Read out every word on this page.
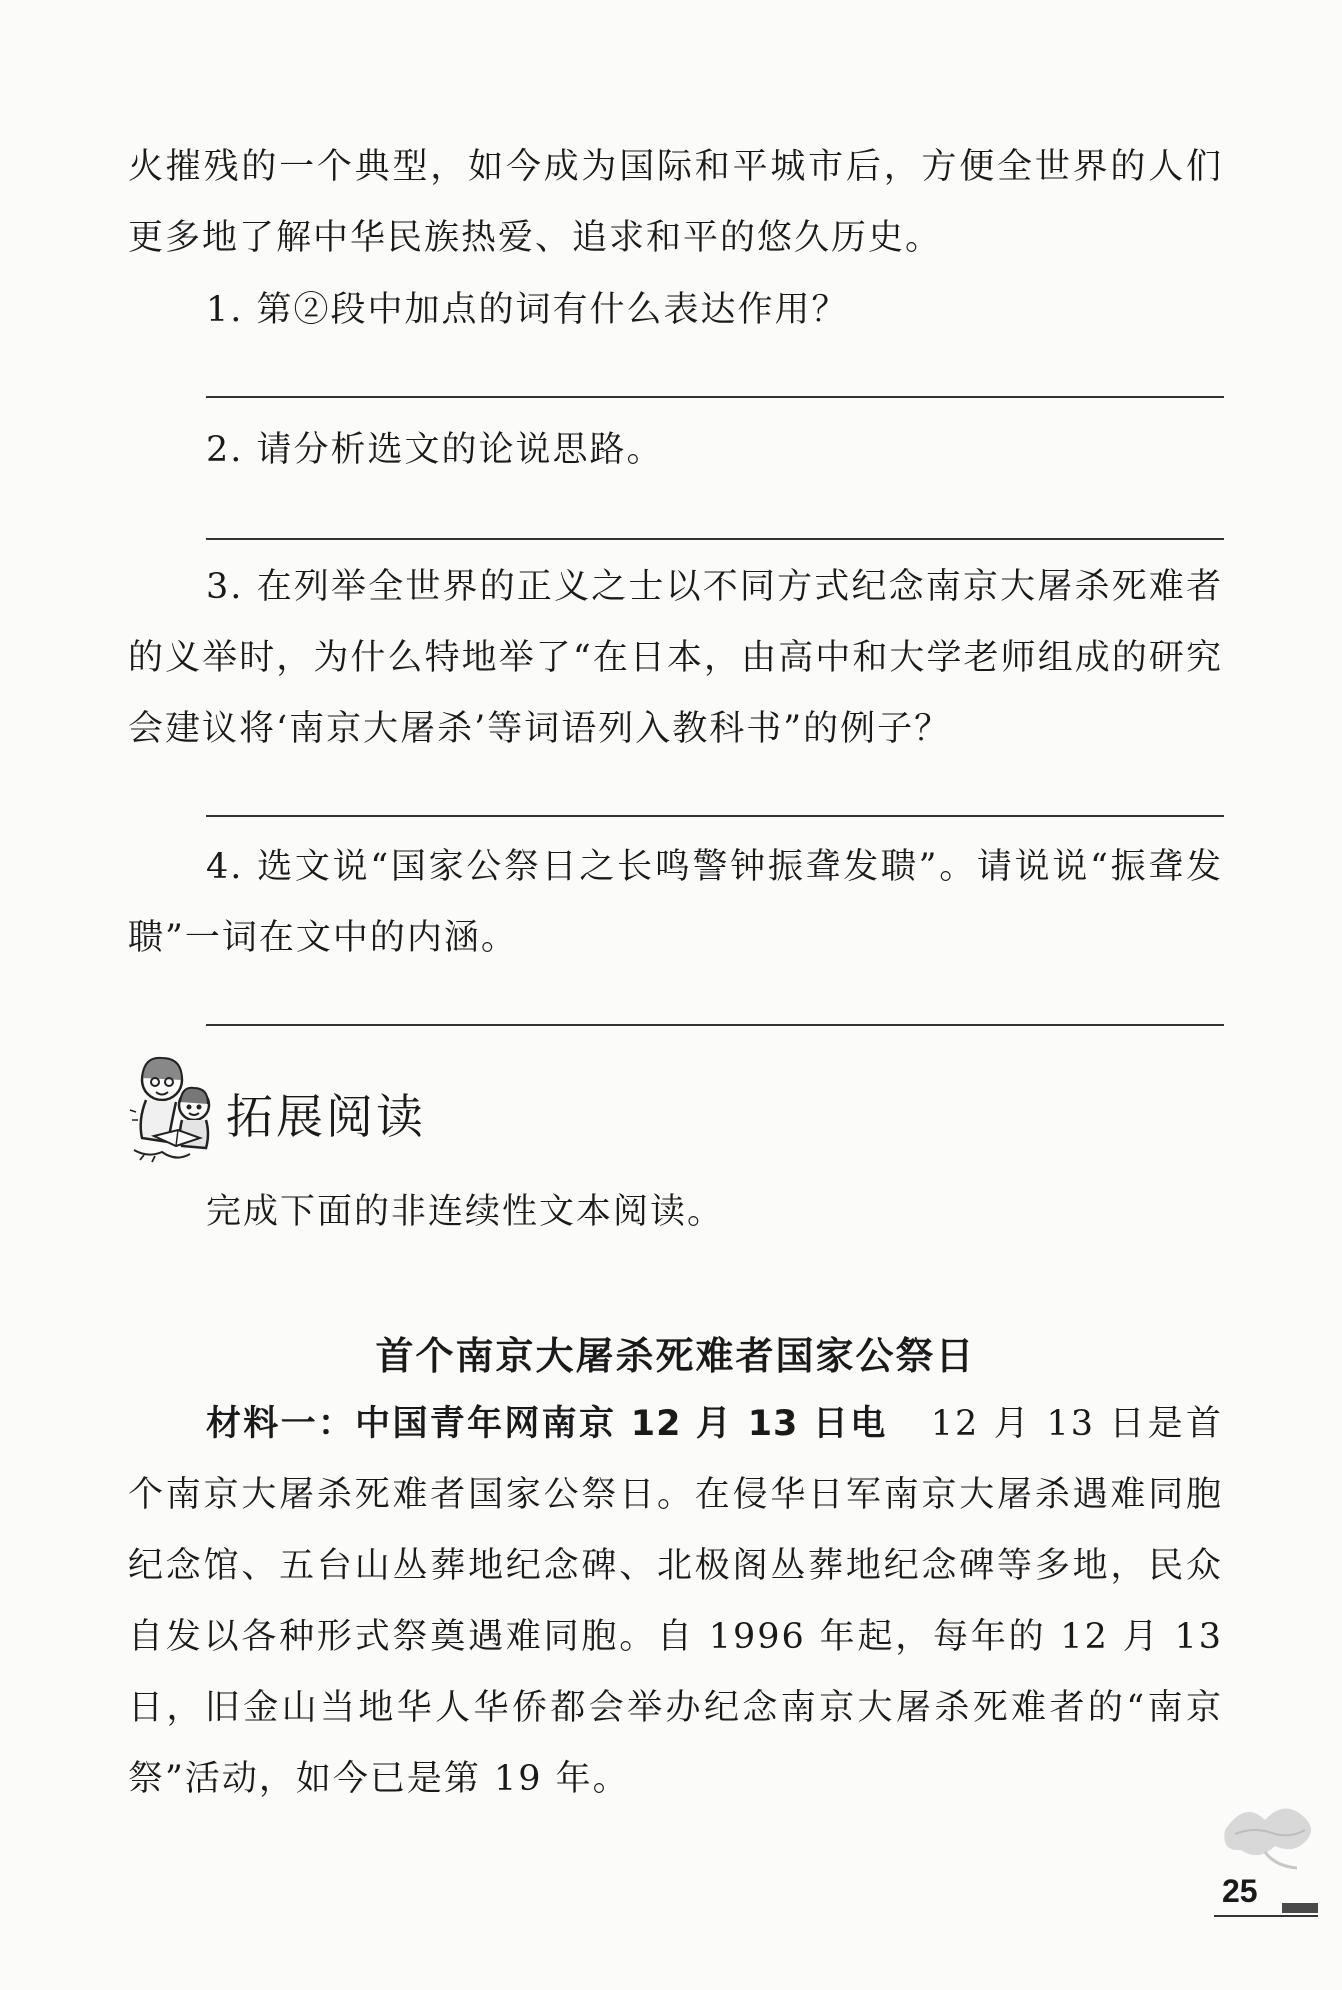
火摧残的一个典型，如今成为国际和平城市后，方便全世界的人们更多地了解中华民族热爱、追求和平的悠久历史。

1. 第②段中加点的词有什么表达作用？

2. 请分析选文的论说思路。

3. 在列举全世界的正义之士以不同方式纪念南京大屠杀死难者的义举时，为什么特地举了“在日本，由高中和大学老师组成的研究会建议将‘南京大屠杀’等词语列入教科书”的例子？

4. 选文说“国家公祭日之长鸣警钟振聋发聩”。请说说“振聋发聩”一词在文中的内涵。

拓展阅读

完成下面的非连续性文本阅读。

首个南京大屠杀死难者国家公祭日

材料一：中国青年网南京 12 月 13 日电 12 月 13 日是首个南京大屠杀死难者国家公祭日。在侵华日军南京大屠杀遇难同胞纪念馆、五台山丛葬地纪念碑、北极阁丛葬地纪念碑等多地，民众自发以各种形式祭奠遇难同胞。自 1996 年起，每年的 12 月 13 日，旧金山当地华人华侨都会举办纪念南京大屠杀死难者的“南京祭”活动，如今已是第 19 年。

25
